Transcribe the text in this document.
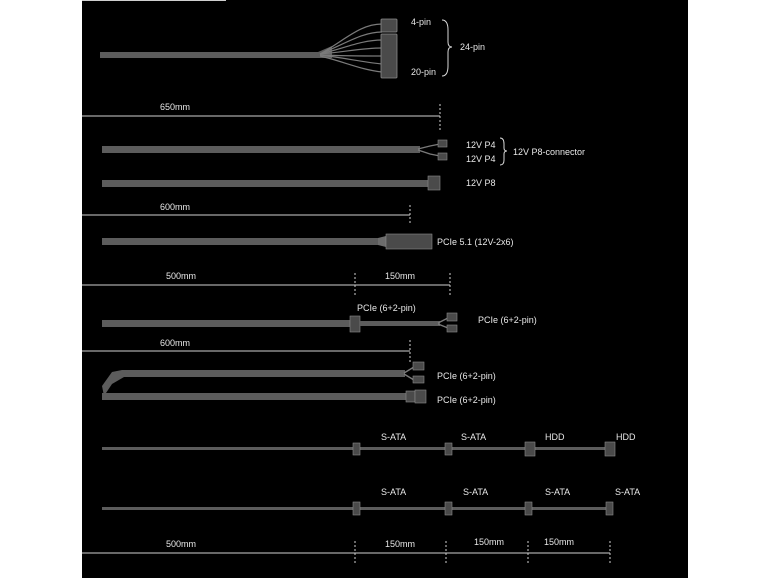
4-pin
20-pin
24-pin
650mm
12V P4
12V P4
12V P8-connector
12V P8
600mm
PCIe 5.1 (12V-2x6)
500mm	150mm
PCIe (6+2-pin)
PCIe (6+2-pin)
600mm
PCIe (6+2-pin)
PCIe (6+2-pin)
S-ATA	S-ATA	HDD	HDD
S-ATA	S-ATA	S-ATA	S-ATA
500mm	150mm	150mm	150mm
